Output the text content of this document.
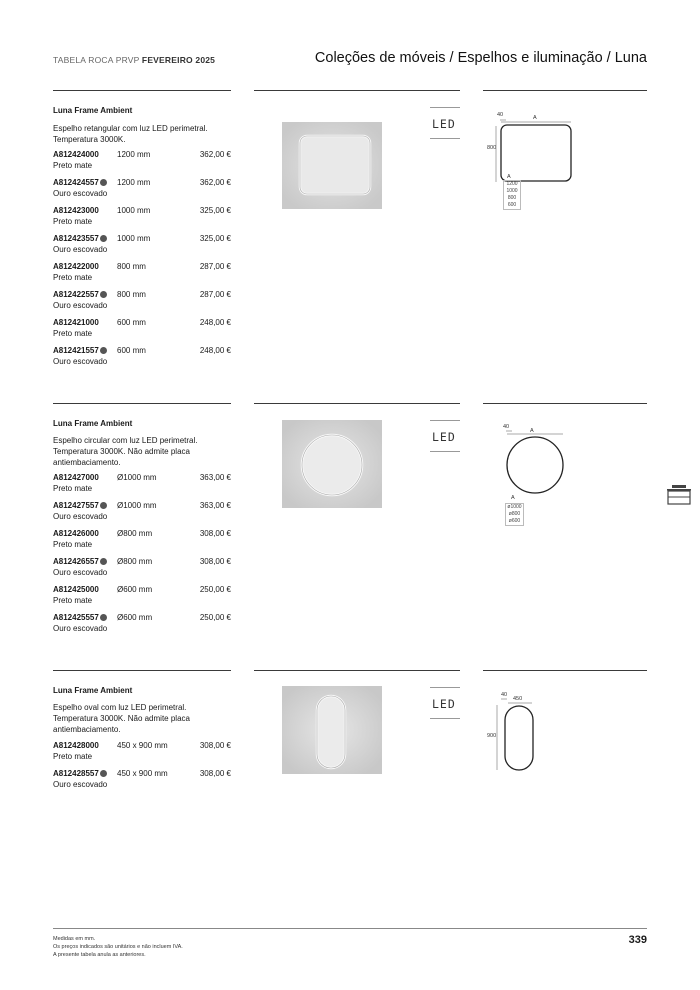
TABELA ROCA PRVP FEVEREIRO 2025	Coleções de móveis / Espelhos e iluminação / Luna
Luna Frame Ambient
Espelho retangular com luz LED perimetral. Temperatura 3000K.
A812424000 1200 mm	362,00 €
Preto mate
A812424557	1200 mm	362,00 €
Ouro escovado
A812423000 1000 mm	325,00 €
Preto mate
A812423557	1000 mm	325,00 €
Ouro escovado
A812422000 800 mm	287,00 €
Preto mate
A812422557	800 mm	287,00 €
Ouro escovado
A812421000 600 mm	248,00 €
Preto mate
A812421557	600 mm	248,00 €
Ouro escovado
LED
40	A
800
A
1200
1000
800
600
Luna Frame Ambient
Espelho circular com luz LED perimetral. Temperatura 3000K. Não admite placa antiembaciamento.
A812427000 Ø1000 mm	363,00 €
Preto mate
A812427557	Ø1000 mm	363,00 €
Ouro escovado
A812426000 Ø800 mm	308,00 €
Preto mate
A812426557	Ø800 mm	308,00 €
Ouro escovado
A812425000 Ø600 mm	250,00 €
Preto mate
A812425557	Ø600 mm	250,00 €
Ouro escovado
LED
40
A
A
ø1000
ø800
ø600
Luna Frame Ambient
Espelho oval com luz LED perimetral. Temperatura 3000K. Não admite placa antiembaciamento.
A812428000 450 x 900 mm	308,00 €
Preto mate
A812428557	450 x 900 mm	308,00 €
Ouro escovado
LED
40
450
900
Medidas em mm.
Os preços indicados são unitários e não incluem IVA.
A presente tabela anula as anteriores.
339
